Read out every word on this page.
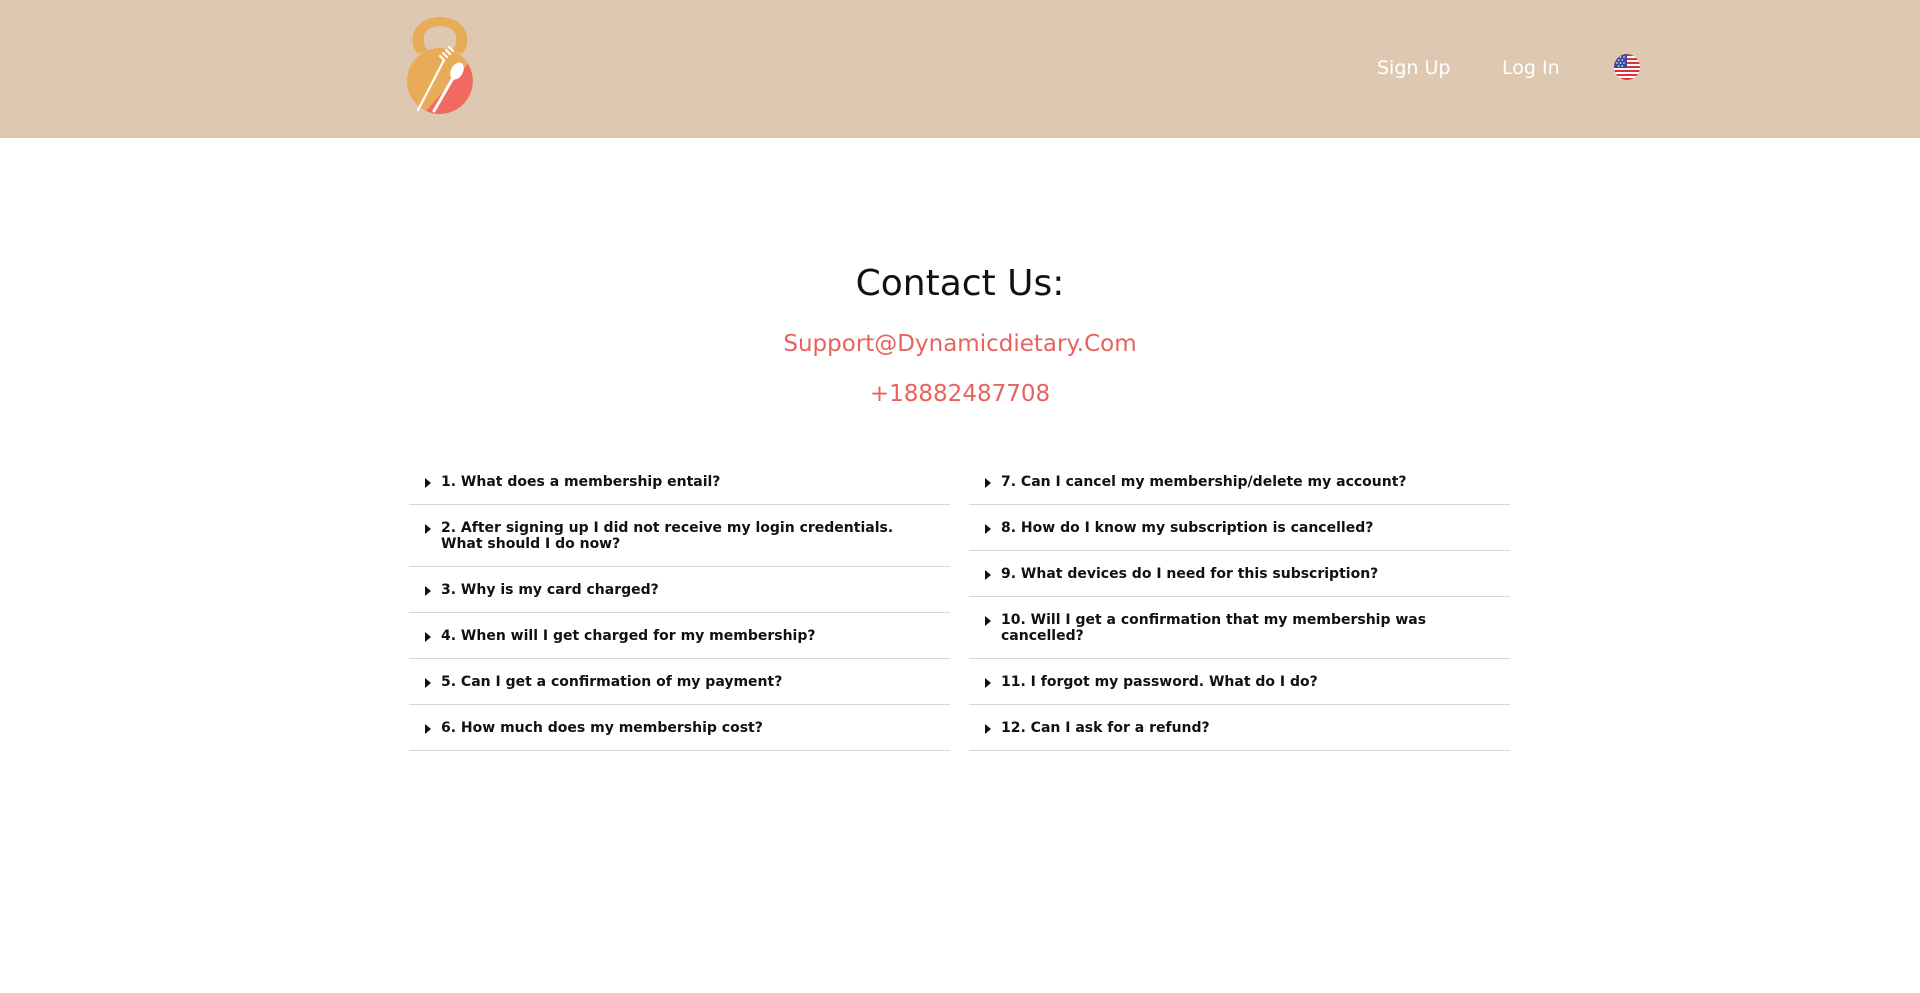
Sign Up	Log In
Contact Us:
Support@Dynamicdietary.Com
+18882487708
1. What does a membership entail?
2. After signing up I did not receive my login credentials. What should I do now?
3. Why is my card charged?
4. When will I get charged for my membership?
5. Can I get a confirmation of my payment?
6. How much does my membership cost?
7. Can I cancel my membership/delete my account?
8. How do I know my subscription is cancelled?
9. What devices do I need for this subscription?
10. Will I get a confirmation that my membership was cancelled?
11. I forgot my password. What do I do?
12. Can I ask for a refund?
